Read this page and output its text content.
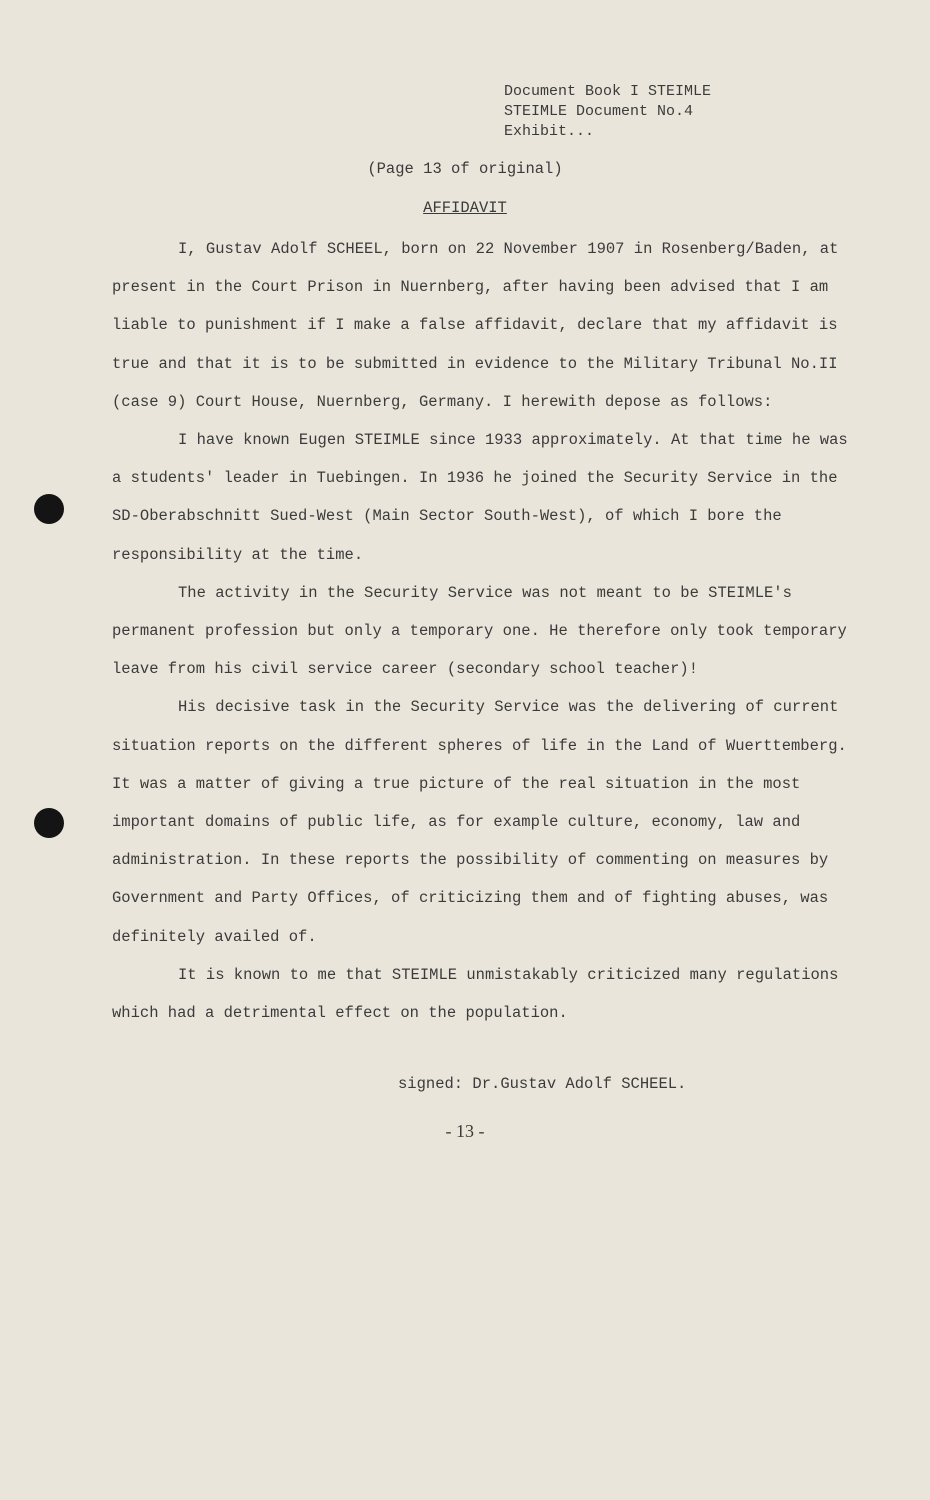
Document Book I STEIMLE
STEIMLE Document No.4
Exhibit...
(Page 13 of original)
AFFIDAVIT

I, Gustav Adolf SCHEEL, born on 22 November 1907 in Rosenberg/Baden, at present in the Court Prison in Nuernberg, after having been advised that I am liable to punishment if I make a false affidavit, declare that my affidavit is true and that it is to be submitted in evidence to the Military Tribunal No.II (case 9) Court House, Nuernberg, Germany. I herewith depose as follows:

I have known Eugen STEIMLE since 1933 approximately. At that time he was a students' leader in Tuebingen. In 1936 he joined the Security Service in the SD-Oberabschnitt Sued-West (Main Sector South-West), of which I bore the responsibility at the time.

The activity in the Security Service was not meant to be STEIMLE's permanent profession but only a temporary one. He therefore only took temporary leave from his civil service career (secondary school teacher)!

His decisive task in the Security Service was the delivering of current situation reports on the different spheres of life in the Land of Wuerttemberg. It was a matter of giving a true picture of the real situation in the most important domains of public life, as for example culture, economy, law and administration. In these reports the possibility of commenting on measures by Government and Party Offices, of criticizing them and of fighting abuses, was definitely availed of.

It is known to me that STEIMLE unmistakably criticized many regulations which had a detrimental effect on the population.

signed: Dr.Gustav Adolf SCHEEL.
- 13 -
